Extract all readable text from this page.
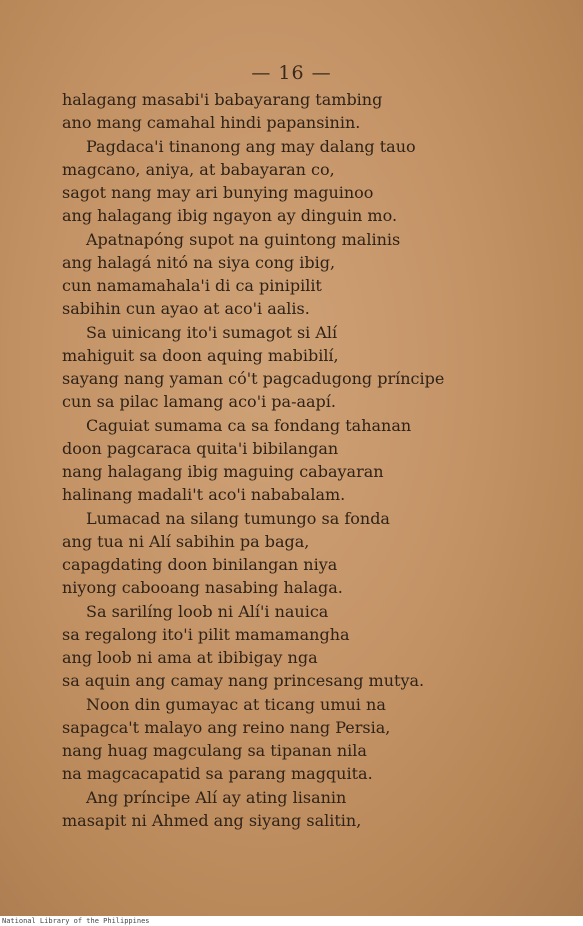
— 16 —
halagang masabi'i babayarang tambing
ano mang camahal hindi papansinin.
Pagdaca'i tinanong ang may dalang tauo
magcano, aniya, at babayaran co,
sagot nang may ari bunying maguinoo
ang halagang ibig ngayon ay dinguin mo.
Apatnapóng supot na guintong malinis
ang halagá nitó na siya cong ibig,
cun namamahala'i di ca pinipilit
sabihin cun ayao at aco'i aalis.
Sa uinicang ito'i sumagot si Alí
mahiguit sa doon aquing mabibilí,
sayang nang yaman có't pagcadugong príncipe
cun sa pilac lamang aco'i pa-aapí.
Caguiat sumama ca sa fondang tahanan
doon pagcaraca quita'i bibilangan
nang halagang ibig maguing cabayaran
halinang madali't aco'i nababalam.
Lumacad na silang tumungo sa fonda
ang tua ni Alí sabihin pa baga,
capagdating doon binilangan niya
niyong cabooang nasabing halaga.
Sa sarilíng loob ni Alí'i nauica
sa regalong ito'i pilit mamamangha
ang loob ni ama at ibibigay nga
sa aquin ang camay nang princesang mutya.
Noon din gumayac at ticang umui na
sapagca't malayo ang reino nang Persia,
nang huag magculang sa tipanan nila
na magcacapatid sa parang magquita.
Ang príncipe Alí ay ating lisanin
masapit ni Ahmed ang siyang salitin,
National Library of the Philippines
